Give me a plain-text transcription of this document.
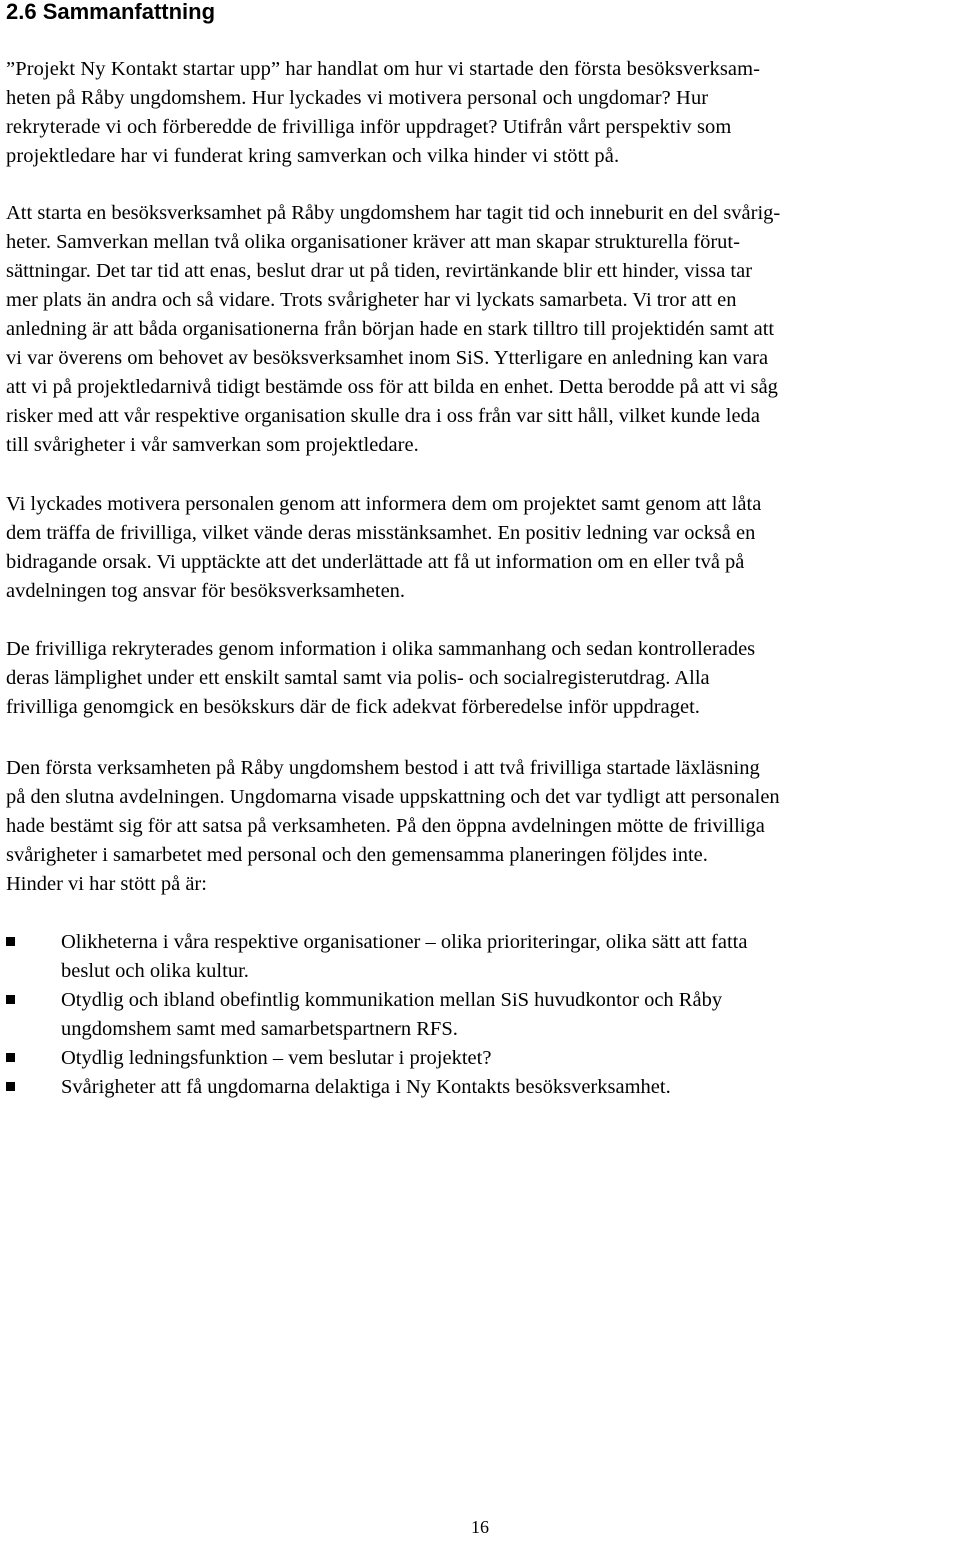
2.6 Sammanfattning

”Projekt Ny Kontakt startar upp” har handlat om hur vi startade den första besöksverksam-
heten på Råby ungdomshem. Hur lyckades vi motivera personal och ungdomar? Hur
rekryterade vi och förberedde de frivilliga inför uppdraget? Utifrån vårt perspektiv som
projektledare har vi funderat kring samverkan och vilka hinder vi stött på.

Att starta en besöksverksamhet på Råby ungdomshem har tagit tid och inneburit en del svårig-
heter. Samverkan mellan två olika organisationer kräver att man skapar strukturella förut-
sättningar. Det tar tid att enas, beslut drar ut på tiden, revirtänkande blir ett hinder, vissa tar
mer plats än andra och så vidare. Trots svårigheter har vi lyckats samarbeta. Vi tror att en
anledning är att båda organisationerna från början hade en stark tilltro till projektidén samt att
vi var överens om behovet av besöksverksamhet inom SiS. Ytterligare en anledning kan vara
att vi på projektledarnivå tidigt bestämde oss för att bilda en enhet. Detta berodde på att vi såg
risker med att vår respektive organisation skulle dra i oss från var sitt håll, vilket kunde leda
till svårigheter i vår samverkan som projektledare.

Vi lyckades motivera personalen genom att informera dem om projektet samt genom att låta
dem träffa de frivilliga, vilket vände deras misstänksamhet. En positiv ledning var också en
bidragande orsak. Vi upptäckte att det underlättade att få ut information om en eller två på
avdelningen tog ansvar för besöksverksamheten.

De frivilliga rekryterades genom information i olika sammanhang och sedan kontrollerades
deras lämplighet under ett enskilt samtal samt via polis- och socialregisterutdrag. Alla
frivilliga genomgick en besökskurs där de fick adekvat förberedelse inför uppdraget.

Den första verksamheten på Råby ungdomshem bestod i att två frivilliga startade läxläsning
på den slutna avdelningen. Ungdomarna visade uppskattning och det var tydligt att personalen
hade bestämt sig för att satsa på verksamheten. På den öppna avdelningen mötte de frivilliga
svårigheter i samarbetet med personal och den gemensamma planeringen följdes inte.
Hinder vi har stött på är:

Olikheterna i våra respektive organisationer – olika prioriteringar, olika sätt att fatta
beslut och olika kultur.
Otydlig och ibland obefintlig kommunikation mellan SiS huvudkontor och Råby
ungdomshem samt med samarbetspartnern RFS.
Otydlig ledningsfunktion – vem beslutar i projektet?
Svårigheter att få ungdomarna delaktiga i Ny Kontakts besöksverksamhet.

16
